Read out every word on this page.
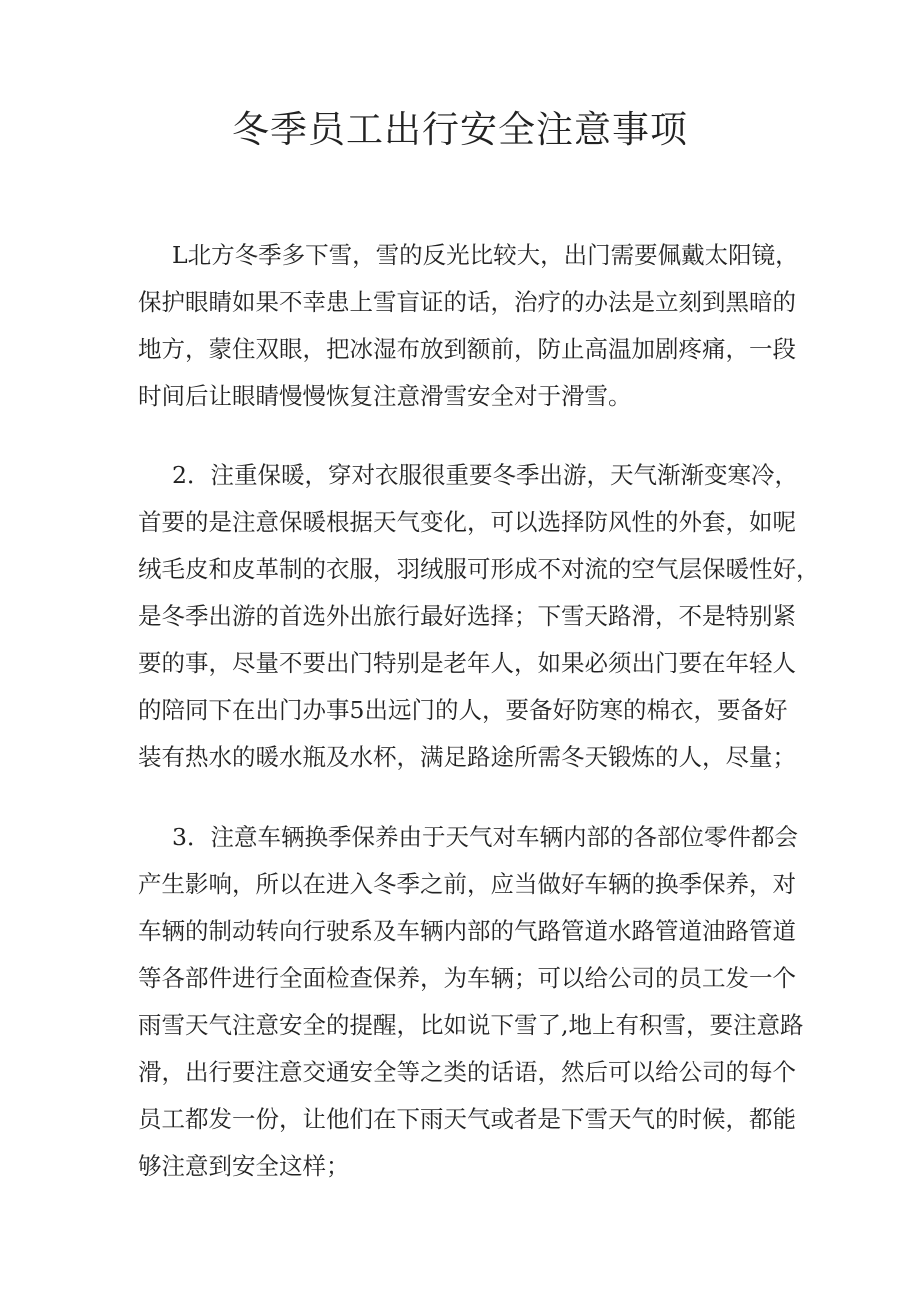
冬季员工出行安全注意事项
L北方冬季多下雪，雪的反光比较大，出门需要佩戴太阳镜，
保护眼睛如果不幸患上雪盲证的话，治疗的办法是立刻到黑暗的
地方，蒙住双眼，把冰湿布放到额前，防止高温加剧疼痛，一段
时间后让眼睛慢慢恢复注意滑雪安全对于滑雪。
2．注重保暖，穿对衣服很重要冬季出游，天气渐渐变寒冷，
首要的是注意保暖根据天气变化，可以选择防风性的外套，如呢
绒毛皮和皮革制的衣服，羽绒服可形成不对流的空气层保暖性好，
是冬季出游的首选外出旅行最好选择；下雪天路滑，不是特别紧
要的事，尽量不要出门特别是老年人，如果必须出门要在年轻人
的陪同下在出门办事5出远门的人，要备好防寒的棉衣，要备好
装有热水的暖水瓶及水杯，满足路途所需冬天锻炼的人，尽量；
3．注意车辆换季保养由于天气对车辆内部的各部位零件都会
产生影响，所以在进入冬季之前，应当做好车辆的换季保养，对
车辆的制动转向行驶系及车辆内部的气路管道水路管道油路管道
等各部件进行全面检查保养，为车辆；可以给公司的员工发一个
雨雪天气注意安全的提醒，比如说下雪了,地上有积雪，要注意路
滑，出行要注意交通安全等之类的话语，然后可以给公司的每个
员工都发一份，让他们在下雨天气或者是下雪天气的时候，都能
够注意到安全这样；
